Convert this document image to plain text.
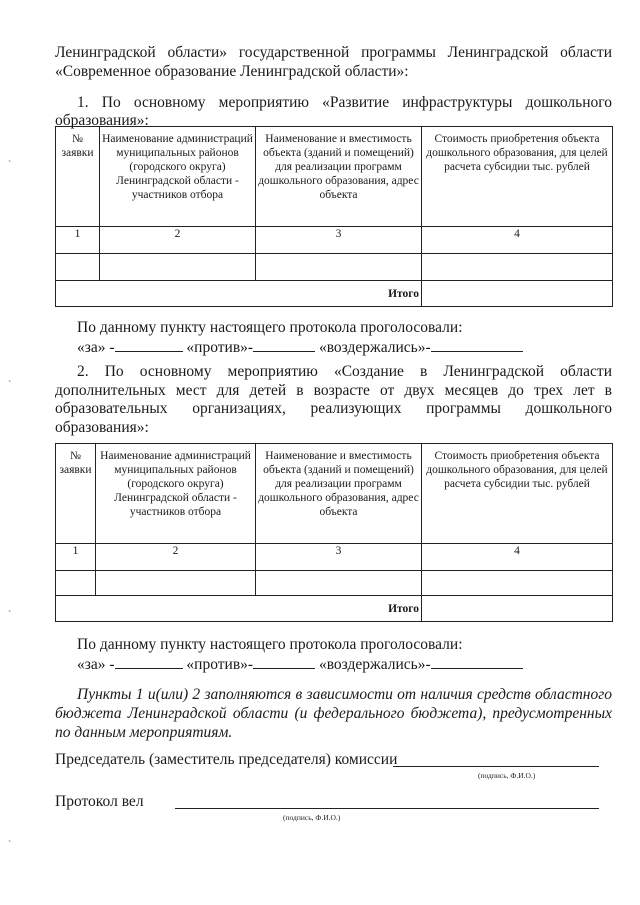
Ленинградской области» государственной программы Ленинградской области
«Современное образование Ленинградской области»:
1. По основному мероприятию «Развитие инфраструктуры дошкольного
образования»:
№ заявки	Наименование администраций муниципальных районов (городского округа) Ленинградской области - участников отбора	Наименование и вместимость объекта (зданий и помещений) для реализации программ дошкольного образования, адрес объекта	Стоимость приобретения объекта дошкольного образования, для целей расчета субсидии тыс. рублей
1	2	3	4

Итого			
По данному пункту настоящего протокола проголосовали:
«за» -	«против»-	«воздержались»-
2. По основному мероприятию «Создание в Ленинградской области
дополнительных мест для детей в возрасте от двух месяцев до трех лет в
образовательных организациях, реализующих программы дошкольного
образования»:
№ заявки	Наименование администраций муниципальных районов (городского округа) Ленинградской области - участников отбора	Наименование и вместимость объекта (зданий и помещений) для реализации программ дошкольного образования, адрес объекта	Стоимость приобретения объекта дошкольного образования, для целей расчета субсидии тыс. рублей
1	2	3	4

Итого			
По данному пункту настоящего протокола проголосовали:
«за» -	«против»-	«воздержались»-
Пункты 1 и(или) 2 заполняются в зависимости от наличия средств областного бюджета Ленинградской области (и федерального бюджета), предусмотренных по данным мероприятиям.
Председатель (заместитель председателя) комиссии
(подпись, Ф.И.О.)
Протокол вел
(подпись, Ф.И.О.)
`
`
`
`
